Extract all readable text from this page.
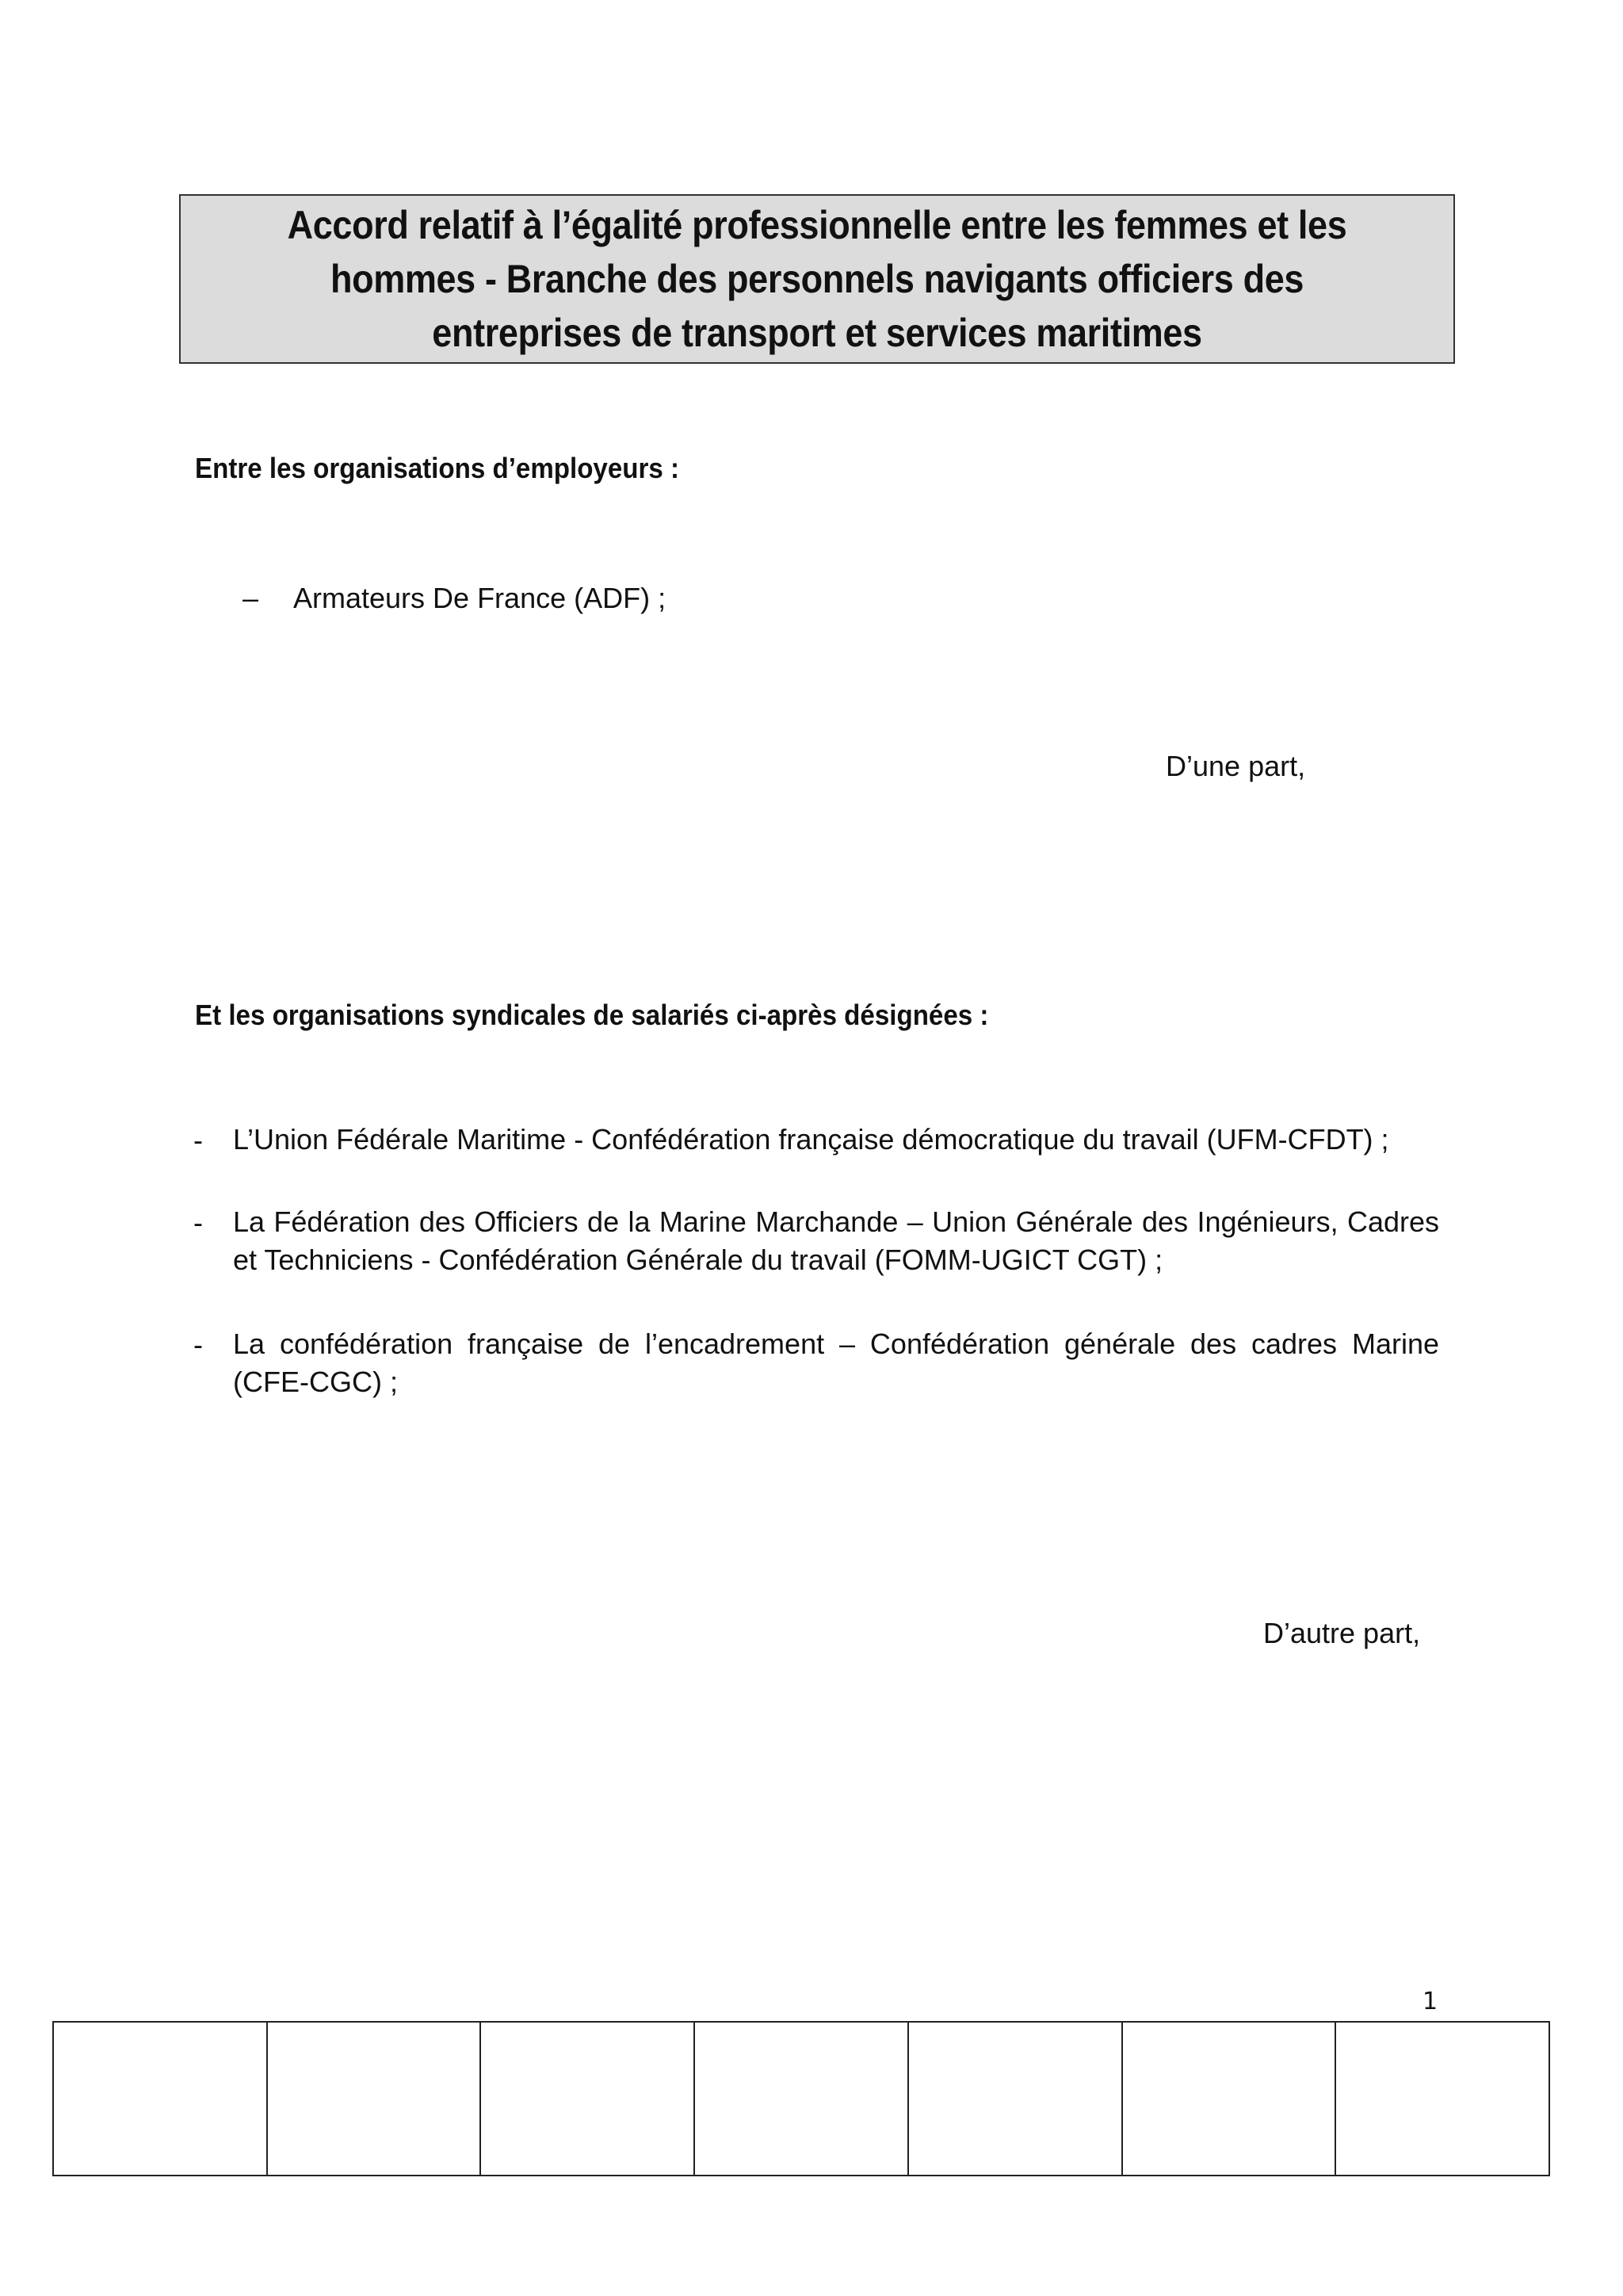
Accord relatif à l’égalité professionnelle entre les femmes et les hommes - Branche des personnels navigants officiers des entreprises de transport et services maritimes
Entre les organisations d’employeurs :
– Armateurs De France (ADF) ;
D’une part,
Et les organisations syndicales de salariés ci-après désignées :
- L’Union Fédérale Maritime - Confédération française démocratique du travail (UFM-CFDT) ;
- La Fédération des Officiers de la Marine Marchande – Union Générale des Ingénieurs, Cadres et Techniciens - Confédération Générale du travail (FOMM-UGICT CGT) ;
- La confédération française de l’encadrement – Confédération générale des cadres Marine (CFE-CGC) ;
D’autre part,
1
